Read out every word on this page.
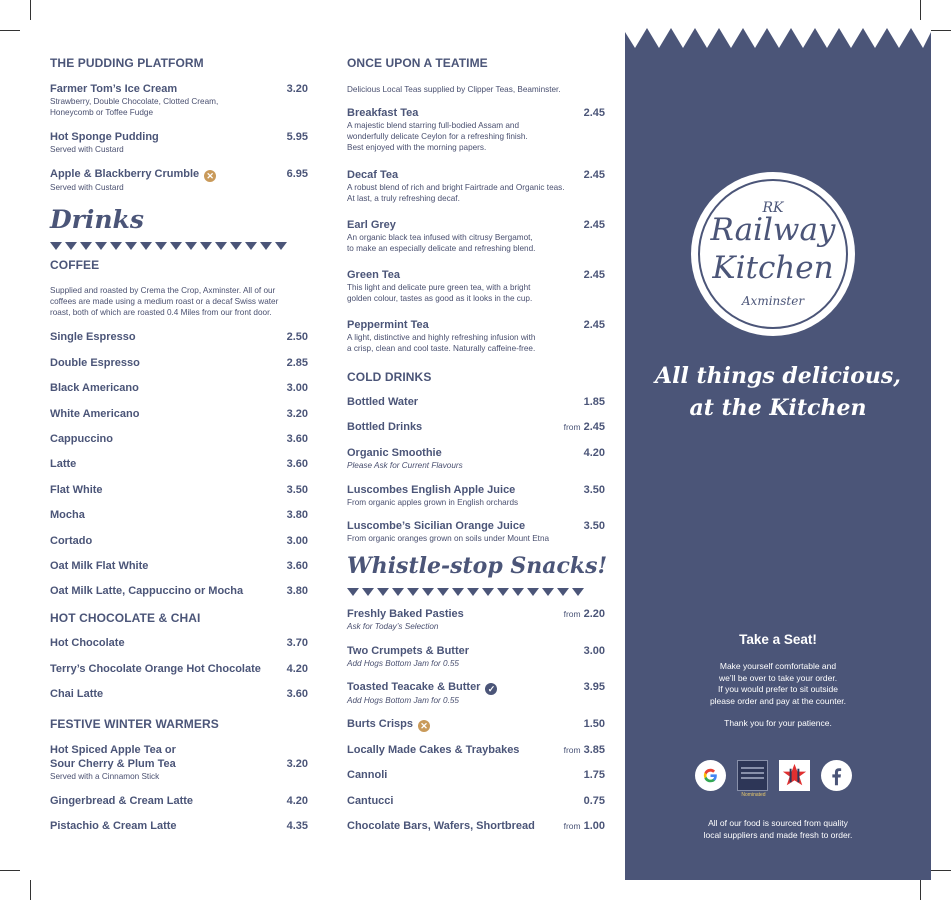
THE PUDDING PLATFORM
Farmer Tom’s Ice Cream	3.20
Strawberry, Double Chocolate, Clotted Cream,
Honeycomb or Toffee Fudge
Hot Sponge Pudding	5.95
Served with Custard
Apple & Blackberry Crumble ✕	6.95
Served with Custard
Drinks
COFFEE
Supplied and roasted by Crema the Crop, Axminster. All of our
coffees are made using a medium roast or a decaf Swiss water
roast, both of which are roasted 0.4 Miles from our front door.
Single Espresso	2.50
Double Espresso	2.85
Black Americano	3.00
White Americano	3.20
Cappuccino	3.60
Latte	3.60
Flat White	3.50
Mocha	3.80
Cortado	3.00
Oat Milk Flat White	3.60
Oat Milk Latte, Cappuccino or Mocha	3.80
HOT CHOCOLATE & CHAI
Hot Chocolate	3.70
Terry’s Chocolate Orange Hot Chocolate	4.20
Chai Latte	3.60
FESTIVE WINTER WARMERS
Hot Spiced Apple Tea or
Sour Cherry & Plum Tea	3.20
Served with a Cinnamon Stick
Gingerbread & Cream Latte	4.20
Pistachio & Cream Latte	4.35
ONCE UPON A TEATIME
Delicious Local Teas supplied by Clipper Teas, Beaminster.
Breakfast Tea	2.45
A majestic blend starring full-bodied Assam and
wonderfully delicate Ceylon for a refreshing finish.
Best enjoyed with the morning papers.
Decaf Tea	2.45
A robust blend of rich and bright Fairtrade and Organic teas.
At last, a truly refreshing decaf.
Earl Grey	2.45
An organic black tea infused with citrusy Bergamot,
to make an especially delicate and refreshing blend.
Green Tea	2.45
This light and delicate pure green tea, with a bright
golden colour, tastes as good as it looks in the cup.
Peppermint Tea	2.45
A light, distinctive and highly refreshing infusion with
a crisp, clean and cool taste. Naturally caffeine-free.
COLD DRINKS
Bottled Water	1.85
Bottled Drinks	from 2.45
Organic Smoothie	4.20
Please Ask for Current Flavours
Luscombes English Apple Juice	3.50
From organic apples grown in English orchards
Luscombe’s Sicilian Orange Juice	3.50
From organic oranges grown on soils under Mount Etna
Whistle-stop Snacks!
Freshly Baked Pasties	from 2.20
Ask for Today’s Selection
Two Crumpets & Butter	3.00
Add Hogs Bottom Jam for 0.55
Toasted Teacake & Butter ✓	3.95
Add Hogs Bottom Jam for 0.55
Burts Crisps ✕	1.50
Locally Made Cakes & Traybakes	from 3.85
Cannoli	1.75
Cantucci	0.75
Chocolate Bars, Wafers, Shortbread	from 1.00
RK
Railway
Kitchen
Axminster
All things delicious,
at the Kitchen
Take a Seat!
Make yourself comfortable and
we’ll be over to take your order.
If you would prefer to sit outside
please order and pay at the counter.
Thank you for your patience.
Nominated
All of our food is sourced from quality
local suppliers and made fresh to order.
